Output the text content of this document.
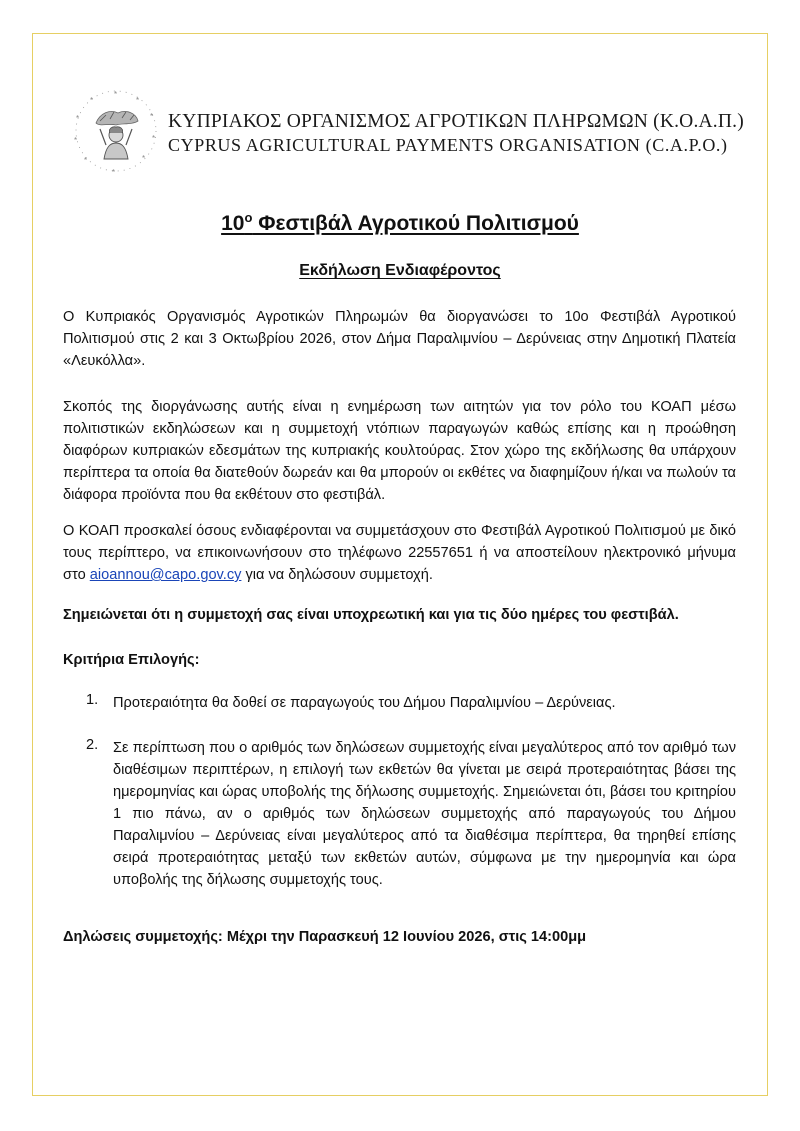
*
*
*
*
*
*
*
*
*
*
ΚΥΠΡΙΑΚΟΣ ΟΡΓΑΝΙΣΜΟΣ ΑΓΡΟΤΙΚΩΝ ΠΛΗΡΩΜΩΝ (Κ.Ο.Α.Π.)
CYPRUS AGRICULTURAL PAYMENTS ORGANISATION (C.A.P.O.)
$10^o$ Φεστιβάλ Αγροτικού Πολιτισμού
Εκδήλωση Ενδιαφέροντος

Ο Κυπριακός Οργανισμός Αγροτικών Πληρωμών θα διοργανώσει το 10ο Φεστιβάλ Αγροτικού Πολιτισμού στις 2 και 3 Οκτωβρίου 2026, στον Δήμα Παραλιμνίου – Δερύνειας στην Δημοτική Πλατεία «Λευκόλλα».

Σκοπός της διοργάνωσης αυτής είναι η ενημέρωση των αιτητών για τον ρόλο του ΚΟΑΠ μέσω πολιτιστικών εκδηλώσεων και η συμμετοχή ντόπιων παραγωγών καθώς επίσης και η προώθηση διαφόρων κυπριακών εδεσμάτων της κυπριακής κουλτούρας. Στον χώρο της εκδήλωσης θα υπάρχουν περίπτερα τα οποία θα διατεθούν δωρεάν και θα μπορούν οι εκθέτες να διαφημίζουν ή/και να πωλούν τα διάφορα προϊόντα που θα εκθέτουν στο φεστιβάλ.

Ο ΚΟΑΠ προσκαλεί όσους ενδιαφέρονται να συμμετάσχουν στο Φεστιβάλ Αγροτικού Πολιτισμού με δικό τους περίπτερο, να επικοινωνήσουν στο τηλέφωνο 22557651 ή να αποστείλουν ηλεκτρονικό μήνυμα στο aioannou@capo.gov.cy για να δηλώσουν συμμετοχή.

Σημειώνεται ότι η συμμετοχή σας είναι υποχρεωτική και για τις δύο ημέρες του φεστιβάλ.
Κριτήρια Επιλογής:
1. Προτεραιότητα θα δοθεί σε παραγωγούς του Δήμου Παραλιμνίου – Δερύνειας.

2. Σε περίπτωση που ο αριθμός των δηλώσεων συμμετοχής είναι μεγαλύτερος από τον αριθμό των διαθέσιμων περιπτέρων, η επιλογή των εκθετών θα γίνεται με σειρά προτεραιότητας βάσει της ημερομηνίας και ώρας υποβολής της δήλωσης συμμετοχής. Σημειώνεται ότι, βάσει του κριτηρίου 1 πιο πάνω, αν ο αριθμός των δηλώσεων συμμετοχής από παραγωγούς του Δήμου Παραλιμνίου – Δερύνειας είναι μεγαλύτερος από τα διαθέσιμα περίπτερα, θα τηρηθεί επίσης σειρά προτεραιότητας μεταξύ των εκθετών αυτών, σύμφωνα με την ημερομηνία και ώρα υποβολής της δήλωσης συμμετοχής τους.

Δηλώσεις συμμετοχής: Μέχρι την Παρασκευή 12 Ιουνίου 2026, στις 14:00μμ
